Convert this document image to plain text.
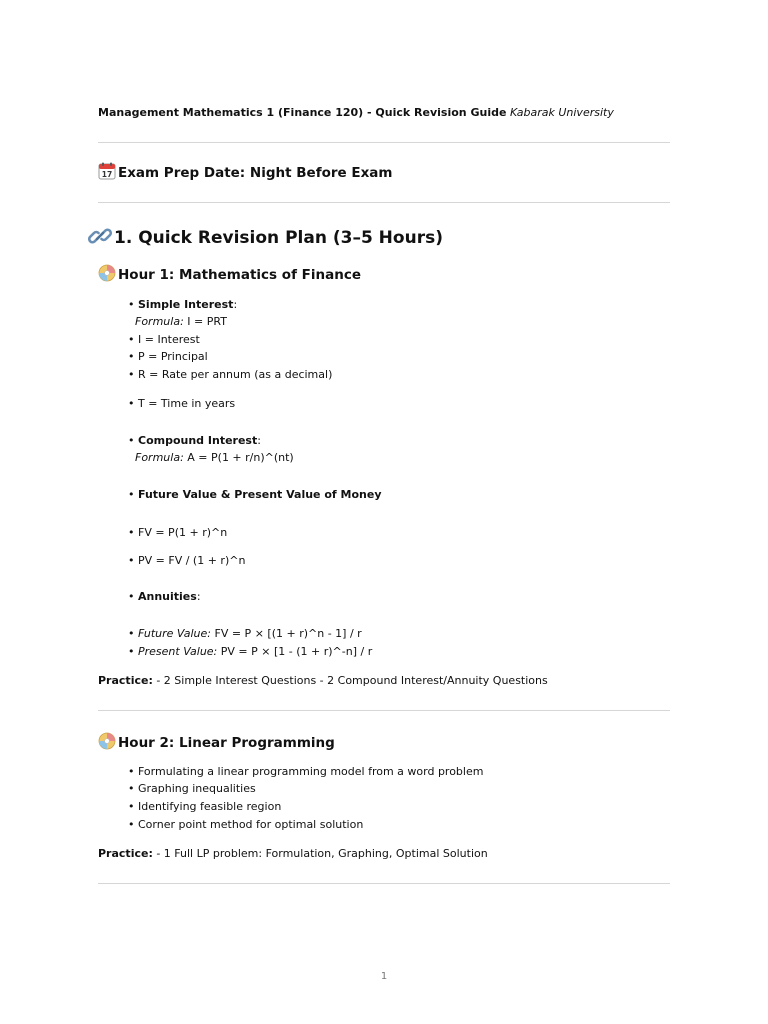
Management Mathematics 1 (Finance 120) - Quick Revision Guide Kabarak University
17 Exam Prep Date: Night Before Exam
1. Quick Revision Plan (3–5 Hours)
Hour 1: Mathematics of Finance
• Simple Interest:
Formula: I = PRT
• I = Interest
• P = Principal
• R = Rate per annum (as a decimal)
• T = Time in years
• Compound Interest:
Formula: A = P(1 + r/n)^(nt)
• Future Value & Present Value of Money
• FV = P(1 + r)^n
• PV = FV / (1 + r)^n
• Annuities:
• Future Value: FV = P × [(1 + r)^n - 1] / r
• Present Value: PV = P × [1 - (1 + r)^-n] / r
Practice: - 2 Simple Interest Questions - 2 Compound Interest/Annuity Questions
Hour 2: Linear Programming
• Formulating a linear programming model from a word problem
• Graphing inequalities
• Identifying feasible region
• Corner point method for optimal solution
Practice: - 1 Full LP problem: Formulation, Graphing, Optimal Solution
1
